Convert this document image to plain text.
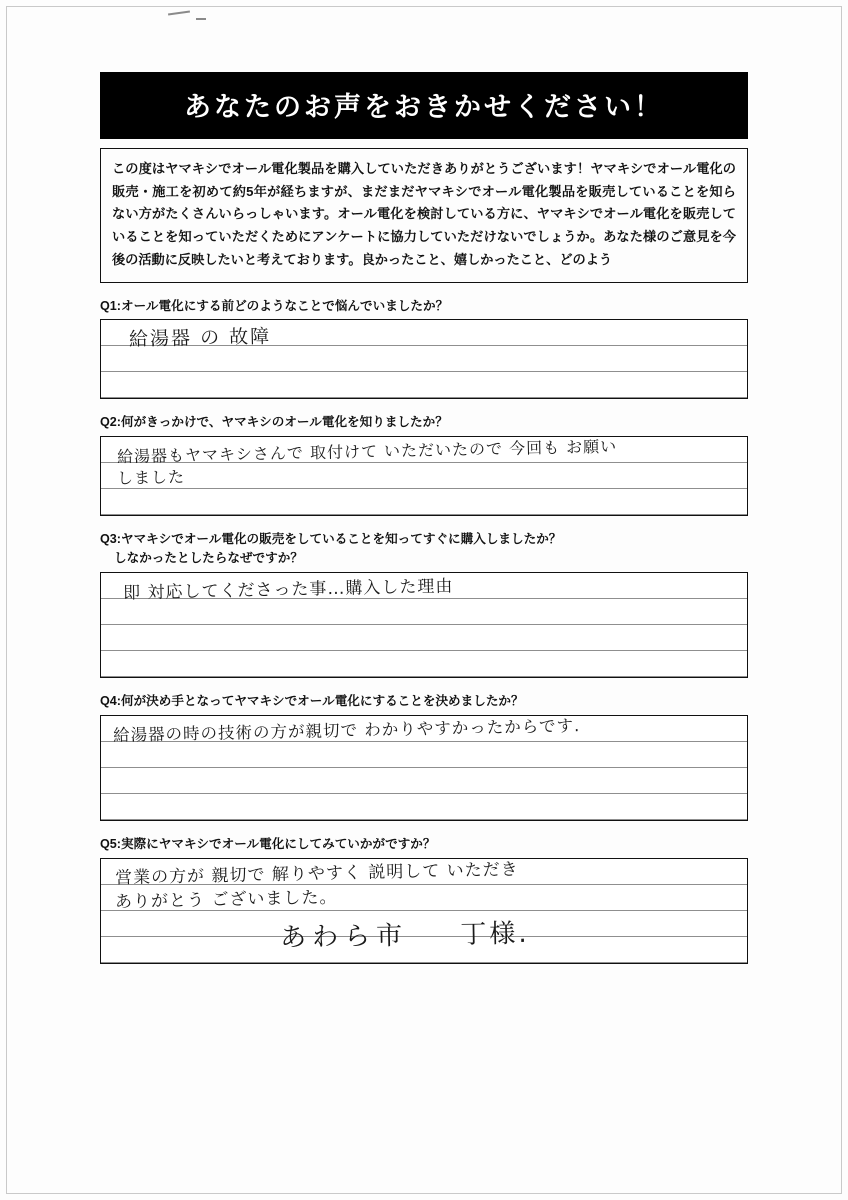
あなたのお声をおきかせください！
この度はヤマキシでオール電化製品を購入していただきありがとうございます！ヤマキシでオール電化の販売・施工を初めて約5年が経ちますが、まだまだヤマキシでオール電化製品を販売していることを知らない方がたくさんいらっしゃいます。オール電化を検討している方に、ヤマキシでオール電化を販売していることを知っていただくためにアンケートに協力していただけないでしょうか。あなた様のご意見を今後の活動に反映したいと考えております。良かったこと、嬉しかったこと、どのよう
Q1:オール電化にする前どのようなことで悩んでいましたか？
給湯器 の 故障
Q2:何がきっかけで、ヤマキシのオール電化を知りましたか？
給湯器もヤマキシさんで 取付けて いただいたので 今回も お願い
しました
Q3:ヤマキシでオール電化の販売をしていることを知ってすぐに購入しましたか？
しなかったとしたらなぜですか？
即 対応してくださった事…購入した理由
Q4:何が決め手となってヤマキシでオール電化にすることを決めましたか？
給湯器の時の技術の方が親切で わかりやすかったからです.
Q5:実際にヤマキシでオール電化にしてみていかがですか？
営業の方が 親切で 解りやすく 説明して いただき
ありがとう ございました。
あわら市 丁様.
